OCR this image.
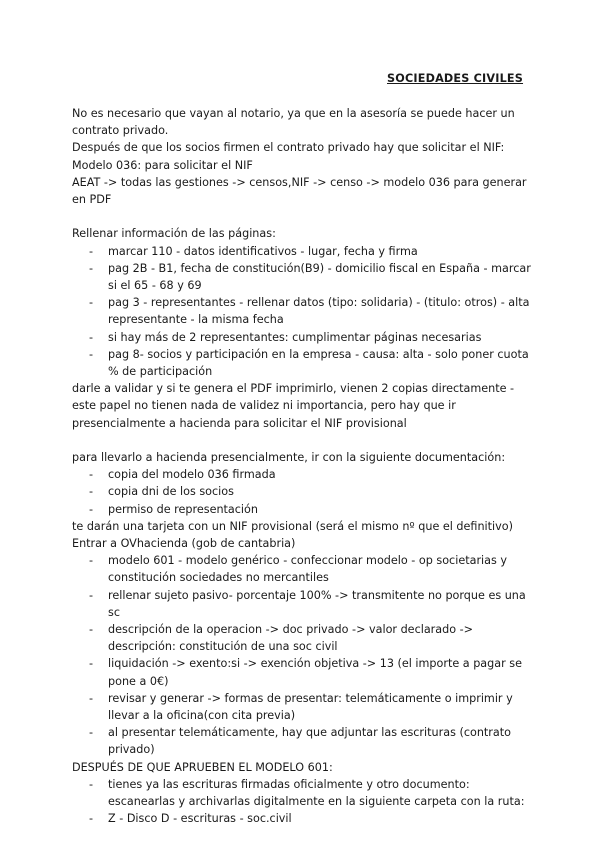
SOCIEDADES CIVILES

No es necesario que vayan al notario, ya que en la asesoría se puede hacer un contrato privado.

Después de que los socios firmen el contrato privado hay que solicitar el NIF:

Modelo 036: para solicitar el NIF

AEAT -> todas las gestiones -> censos,NIF -> censo -> modelo 036 para generar en PDF

Rellenar información de las páginas:

- marcar 110 - datos identificativos - lugar, fecha y firma
- pag 2B - B1, fecha de constitución(B9) - domicilio fiscal en España - marcar si el 65 - 68 y 69
- pag 3 - representantes - rellenar datos (tipo: solidaria) - (titulo: otros) - alta representante - la misma fecha
- si hay más de 2 representantes: cumplimentar páginas necesarias
- pag 8- socios y participación en la empresa - causa: alta - solo poner cuota % de participación

darle a validar y si te genera el PDF imprimirlo, vienen 2 copias directamente - este papel no tienen nada de validez ni importancia, pero hay que ir presencialmente a hacienda para solicitar el NIF provisional

para llevarlo a hacienda presencialmente, ir con la siguiente documentación:

- copia del modelo 036 firmada
- copia dni de los socios
- permiso de representación

te darán una tarjeta con un NIF provisional (será el mismo nº que el definitivo)

Entrar a OVhacienda (gob de cantabria)

- modelo 601 - modelo genérico - confeccionar modelo - op societarias y constitución sociedades no mercantiles
- rellenar sujeto pasivo- porcentaje 100% -> transmitente no porque es una sc
- descripción de la operacion -> doc privado -> valor declarado -> descripción: constitución de una soc civil
- liquidación -> exento:si -> exención objetiva -> 13 (el importe a pagar se pone a 0€)
- revisar y generar -> formas de presentar: telemáticamente o imprimir y llevar a la oficina(con cita previa)
- al presentar telemáticamente, hay que adjuntar las escrituras (contrato privado)

DESPUÉS DE QUE APRUEBEN EL MODELO 601:

- tienes ya las escrituras firmadas oficialmente y otro documento: escanearlas y archivarlas digitalmente en la siguiente carpeta con la ruta:
- Z - Disco D - escrituras - soc.civil
